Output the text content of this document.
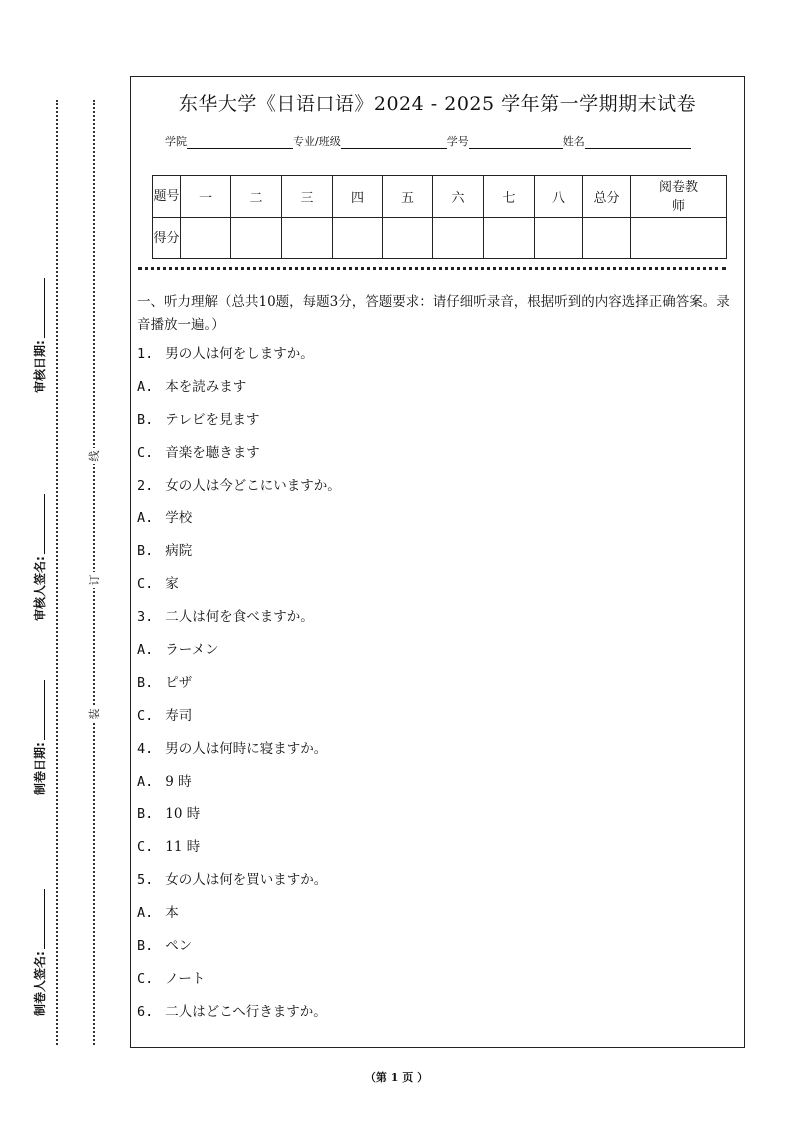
审核日期:
审核人签名:
制卷日期:
制卷人签名:
线
订
装
东华大学《日语口语》2024 - 2025 学年第一学期期末试卷
学院	专业/班级	学号	姓名
题号	一	二	三	四	五	六	七	八	总分	阅卷教师
得分										
一、听力理解（总共10题，每题3分，答题要求：请仔细听录音，根据听到的内容选择正确答案。录音播放一遍。）
1. 男の人は何をしますか。
A. 本を読みます
B. テレビを見ます
C. 音楽を聴きます
2. 女の人は今どこにいますか。
A. 学校
B. 病院
C. 家
3. 二人は何を食べますか。
A. ラーメン
B. ピザ
C. 寿司
4. 男の人は何時に寝ますか。
A. 9 時
B. 10 時
C. 11 時
5. 女の人は何を買いますか。
A. 本
B. ペン
C. ノート
6. 二人はどこへ行きますか。
（第 1 页 ）
